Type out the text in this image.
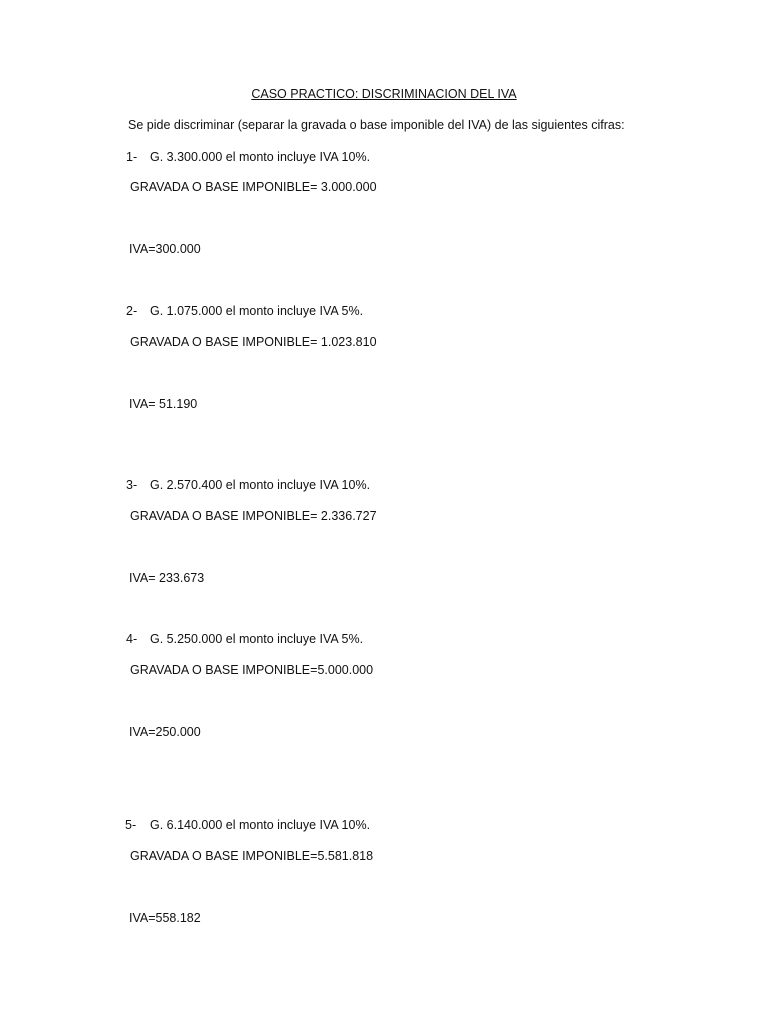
CASO PRACTICO: DISCRIMINACION DEL IVA
Se pide discriminar (separar la gravada o base imponible del IVA) de las siguientes cifras:
1- G. 3.300.000 el monto incluye IVA 10%.
GRAVADA O BASE IMPONIBLE= 3.000.000
IVA=300.000
2- G. 1.075.000 el monto incluye IVA 5%.
GRAVADA O BASE IMPONIBLE= 1.023.810
IVA= 51.190
3- G. 2.570.400 el monto incluye IVA 10%.
GRAVADA O BASE IMPONIBLE= 2.336.727
IVA= 233.673
4- G. 5.250.000 el monto incluye IVA 5%.
GRAVADA O BASE IMPONIBLE=5.000.000
IVA=250.000
5- G. 6.140.000 el monto incluye IVA 10%.
GRAVADA O BASE IMPONIBLE=5.581.818
IVA=558.182
